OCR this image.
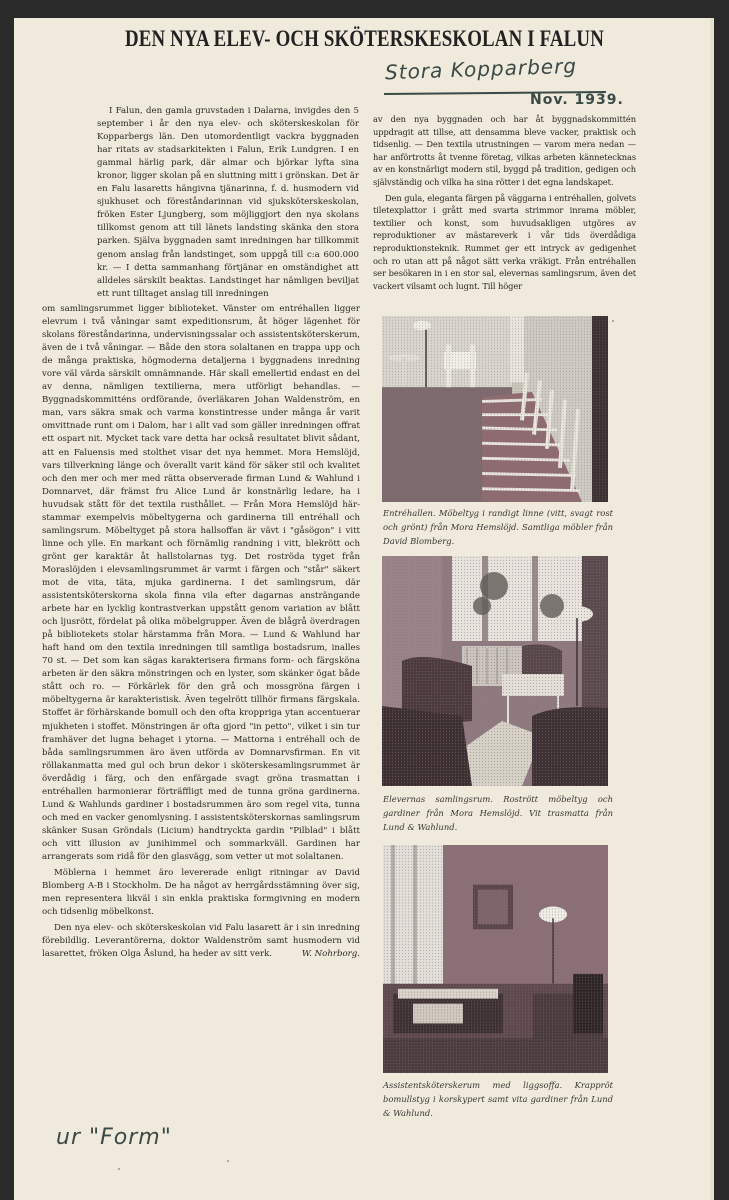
DEN NYA ELEV- OCH SKÖTERSKESKOLAN I FALUN
Stora Kopparberg
Nov. 1939.

I Falun, den gamla gruvstaden i Dalarna, invigdes den 5 september i år den nya elev- och sköterskeskolan för Kopparbergs län. Den utomordentligt vackra byggnaden har ritats av stadsarkitekten i Falun, Erik Lundgren. I en gammal härlig park, där almar och björkar lyfta sina kronor, ligger skolan på en sluttning mitt i grönskan. Det är en Falu lasaretts hängivna tjänarinna, f. d. husmodern vid sjukhuset och föreståndarinnan vid sjuksköterskeskolan, fröken Ester Ljungberg, som möjliggjort den nya skolans tillkomst genom att till länets landsting skänka den stora parken. Själva byggnaden samt inredningen har tillkommit genom anslag från landstinget, som uppgå till c:a 600.000 kr. — I detta sammanhang förtjänar en omständighet att alldeles särskilt beaktas. Landstinget har nämligen beviljat ett runt tilltaget anslag till inredningen

av den nya byggnaden och har åt byggnadskommittén uppdragit att tillse, att densamma bleve vacker, praktisk och tidsenlig. — Den textila utrustningen — varom mera nedan — har anförtrotts åt tvenne företag, vilkas arbeten kännetecknas av en konstnärligt modern stil, byggd på tradition, gedigen och självständig och vilka ha sina rötter i det egna landskapet.

Den gula, eleganta färgen på väggarna i entréhallen, golvets tiletexplattor i grått med svarta strimmor inrama möbler, textilier och konst, som huvudsakligen utgöres av reproduktioner av mästareverk i vår tids överdådiga reproduktionsteknik. Rummet ger ett intryck av gedigenhet och ro utan att på något sätt verka vräkigt. Från entréhallen ser besökaren in i en stor sal, elevernas samlingsrum, även det vackert vilsamt och lugnt. Till höger

om samlingsrummet ligger biblioteket. Vänster om entréhallen ligger elevrum i två våningar samt expeditionsrum, åt höger lägenhet för skolans föreståndarinna, undervisningssalar och assistentsköterskerum, även de i två våningar. — Både den stora solaltanen en trappa upp och de många praktiska, högmoderna detaljerna i byggnadens inredning vore väl värda särskilt omnämnande. Här skall emellertid endast en del av denna, nämligen textilierna, mera utförligt behandlas. — Byggnadskommitténs ordförande, överläkaren Johan Waldenström, en man, vars säkra smak och varma konstintresse under många år varit omvittnade runt om i Dalom, har i allt vad som gäller inredningen offrat ett ospart nit. Mycket tack vare detta har också resultatet blivit sådant, att en Faluensis med stolthet visar det nya hemmet. Mora Hemslöjd, vars tillverkning länge och överallt varit känd för säker stil och kvalitet och den mer och mer med rätta observerade firman Lund & Wahlund i Domnarvet, där främst fru Alice Lund är konstnärlig ledare, ha i huvudsak stått för det textila rusthållet. — Från Mora Hemslöjd härstammar exempelvis möbeltygerna och gardinerna till entréhall och samlingsrum. Möbeltyget på stora hallsoffan är vävt i "gåsögon" i vitt linne och ylle. En markant och förnämlig randning i vitt, blekrött och grönt ger karaktär åt hallstolarnas tyg. Det roströda tyget från Moraslöjden i elevsamlingsrummet är varmt i färgen och "står" säkert mot de vita, täta, mjuka gardinerna. I det samlingsrum, där assistentsköterskorna skola finna vila efter dagarnas ansträngande arbete har en lycklig kontrastverkan uppstått genom variation av blått och ljusrött, fördelat på olika möbelgrupper. Även de blågrå överdragen på bibliotekets stolar härstamma från Mora. — Lund & Wahlund har haft hand om den textila inredningen till samtliga bostadsrum, inalles 70 st. — Det som kan sägas karakterisera firmans form- och färgsköna arbeten är den säkra mönstringen och en lyster, som skänker ögat både stått och ro. — Förkärlek för den grå och mossgröna färgen i möbeltygerna är karakteristisk. Även tegelrött tillhör firmans färgskala. Stoffet är förhärskande bomull och den ofta kroppriga ytan accentuerar mjukheten i stoffet. Mönstringen är ofta gjord "in petto", vilket i sin tur framhäver det lugna behaget i ytorna. — Mattorna i entréhall och de båda samlingsrummen äro även utförda av Domnarvsfirman. En vit röllakanmatta med gul och brun dekor i sköterskesamlingsrummet är överdådig i färg, och den enfärgade svagt gröna trasmattan i entréhallen harmonierar förträffligt med de tunna gröna gardinerna. Lund & Wahlunds gardiner i bostadsrummen äro som regel vita, tunna och med en vacker genomlysning. I assistentsköterskornas samlingsrum skänker Susan Gröndals (Licium) handtryckta gardin "Pilblad" i blått och vitt illusion av junihimmel och sommarkväll. Gardinen har arrangerats som ridå för den glasvägg, som vetter ut mot solaltanen.

Möblerna i hemmet äro levererade enligt ritningar av David Blomberg A-B i Stockholm. De ha något av herrgårdsstämning över sig, men representera likväl i sin enkla praktiska formgivning en modern och tidsenlig möbelkonst.

Den nya elev- och sköterskeskolan vid Falu lasarett är i sin inredning förebildlig. Leverantörerna, doktor Waldenström samt husmodern vid lasarettet, fröken Olga Åslund, ha heder av sitt verk.	W. Nohrborg.

Entréhallen. Möbeltyg i randigt linne (vitt, svagt rost och grönt) från Mora Hemslöjd. Samtliga möbler från David Blomberg.
Elevernas samlingsrum. Rostrött möbeltyg och gardiner från Mora Hemslöjd. Vit trasmatta från Lund & Wahlund.
Assistentsköterskerum med liggsoffa. Krappröt bomullstyg i korskypert samt vita gardiner från Lund & Wahlund.
ur "Form"
